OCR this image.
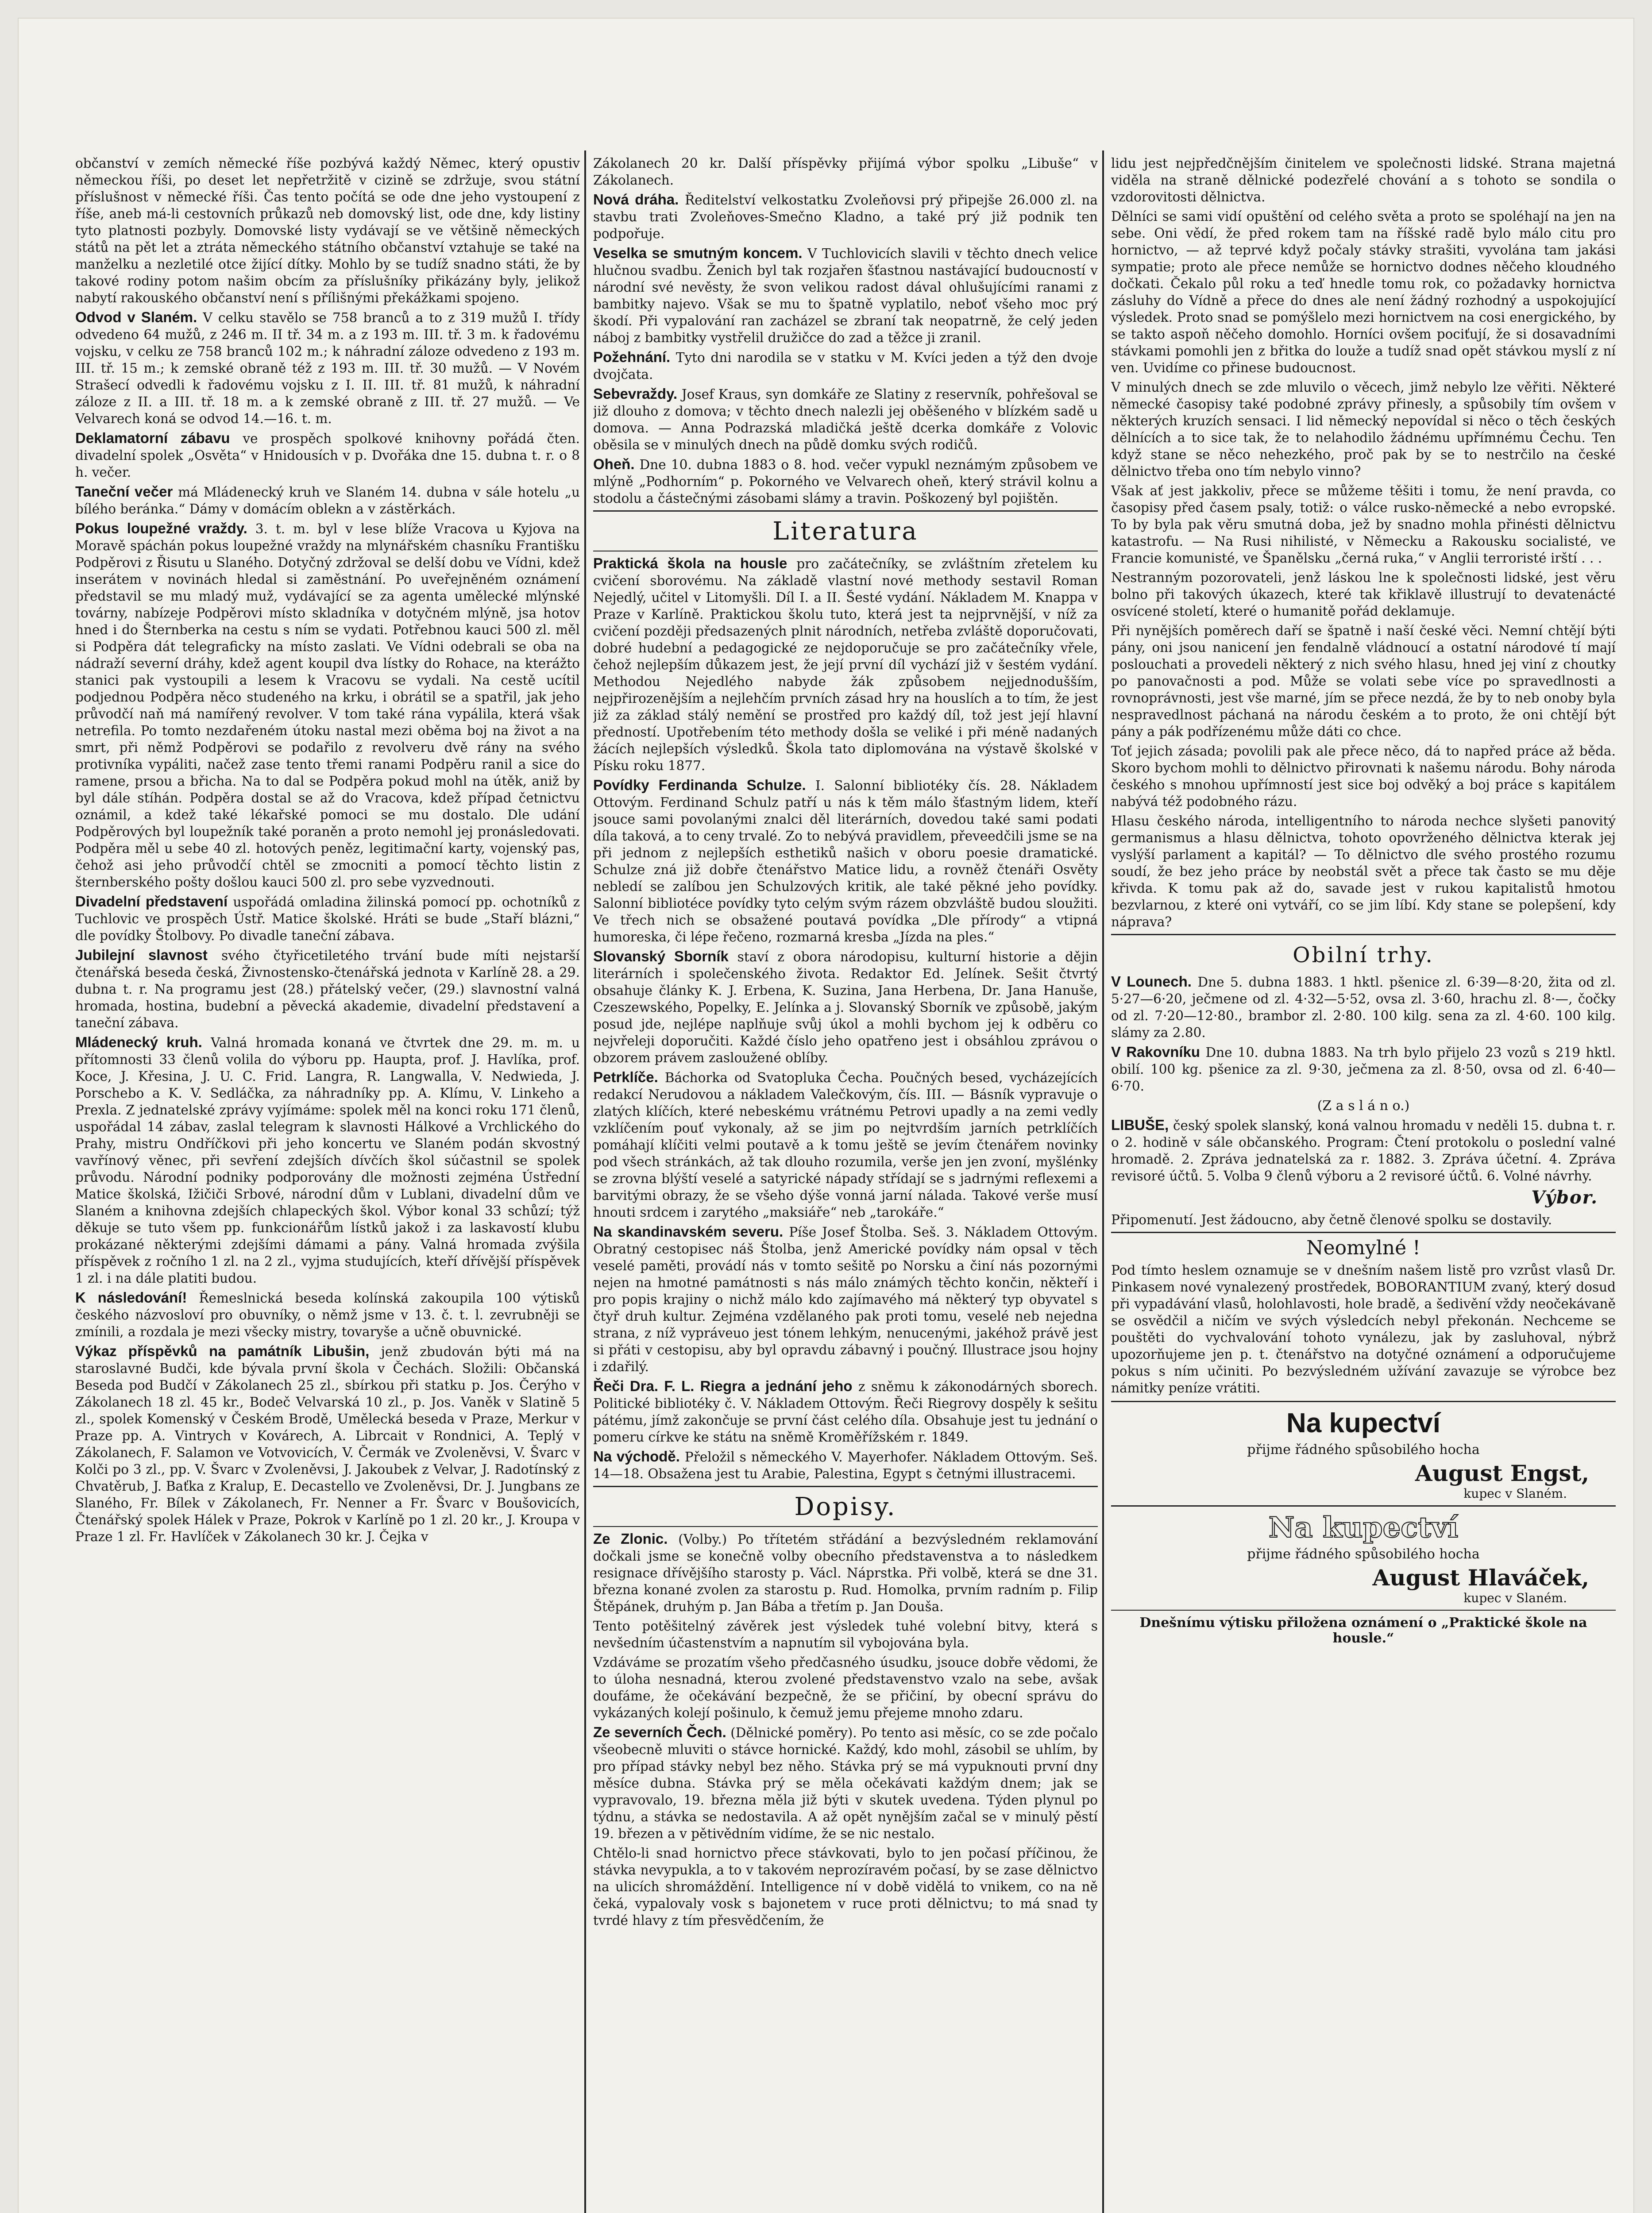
občanství v zemích německé říše pozbývá každý Němec, který opustiv německou říši, po deset let nepřetržitě v cizině se zdržuje, svou státní příslušnost v německé říši. Čas tento počítá se ode dne jeho vystoupení z říše, aneb má-li cestovních průkazů neb domovský list, ode dne, kdy listiny tyto platnosti pozbyly. Domovské listy vydávají se ve většině německých států na pět let a ztráta německého státního občanství vztahuje se také na manželku a nezletilé otce žijící dítky. Mohlo by se tudíž snadno státi, že by takové rodiny potom našim obcím za příslušníky přikázány byly, jelikož nabytí rakouského občanství není s přílišnými překážkami spojeno.

Odvod v Slaném. V celku stavělo se 758 branců a to z 319 mužů I. třídy odvedeno 64 mužů, z 246 m. II tř. 34 m. a z 193 m. III. tř. 3 m. k řadovému vojsku, v celku ze 758 branců 102 m.; k náhradní záloze odvedeno z 193 m. III. tř. 15 m.; k zemské obraně též z 193 m. III. tř. 30 mužů. — V Novém Strašecí odvedli k řadovému vojsku z I. II. III. tř. 81 mužů, k náhradní záloze z II. a III. tř. 18 m. a k zemské obraně z III. tř. 27 mužů. — Ve Velvarech koná se odvod 14.—16. t. m.

Deklamatorní zábavu ve prospěch spolkové knihovny pořádá čten. divadelní spolek „Osvěta“ v Hnidousích v p. Dvořáka dne 15. dubna t. r. o 8 h. večer.

Taneční večer má Mládenecký kruh ve Slaném 14. dubna v sále hotelu „u bílého beránka.“ Dámy v domácím oblekn a v zástěrkách.

Pokus loupežné vraždy. 3. t. m. byl v lese blíže Vracova u Kyjova na Moravě spáchán pokus loupežné vraždy na mlynářském chasníku Františku Podpěrovi z Řisutu u Slaného. Dotyčný zdržoval se delší dobu ve Vídni, kdež inserátem v novinách hledal si zaměstnání. Po uveřejněném oznámení představil se mu mladý muž, vydávající se za agenta umělecké mlýnské továrny, nabízeje Podpěrovi místo skladníka v dotyčném mlýně, jsa hotov hned i do Šternberka na cestu s ním se vydati. Potřebnou kauci 500 zl. měl si Podpěra dát telegraficky na místo zaslati. Ve Vídni odebrali se oba na nádraží severní dráhy, kdež agent koupil dva lístky do Rohace, na kterážto stanici pak vystoupili a lesem k Vracovu se vydali. Na cestě ucítil podjednou Podpěra něco studeného na krku, i obrátil se a spatřil, jak jeho průvodčí naň má namířený revolver. V tom také rána vypálila, která však netrefila. Po tomto nezdařeném útoku nastal mezi oběma boj na život a na smrt, při němž Podpěrovi se podařilo z revolveru dvě rány na svého protivníka vypáliti, načež zase tento třemi ranami Podpěru ranil a sice do ramene, prsou a břicha. Na to dal se Podpěra pokud mohl na útěk, aniž by byl dále stíhán. Podpěra dostal se až do Vracova, kdež případ četnictvu oznámil, a kdež také lékařské pomoci se mu dostalo. Dle udání Podpěrových byl loupežník také poraněn a proto nemohl jej pronásledovati. Podpěra měl u sebe 40 zl. hotových peněz, legitimační karty, vojenský pas, čehož asi jeho průvodčí chtěl se zmocniti a pomocí těchto listin z šternberského pošty došlou kauci 500 zl. pro sebe vyzvednouti.

Divadelní představení uspořádá omladina žilinská pomocí pp. ochotníků z Tuchlovic ve prospěch Ústř. Matice školské. Hráti se bude „Staří blázni,“ dle povídky Štolbovy. Po divadle taneční zábava.

Jubilejní slavnost svého čtyřicetiletého trvání bude míti nejstarší čtenářská beseda česká, Živnostensko-čtenářská jednota v Karlíně 28. a 29. dubna t. r. Na programu jest (28.) přátelský večer, (29.) slavnostní valná hromada, hostina, budební a pěvecká akademie, divadelní představení a taneční zábava.

Mládenecký kruh. Valná hromada konaná ve čtvrtek dne 29. m. m. u přítomnosti 33 členů volila do výboru pp. Haupta, prof. J. Havlíka, prof. Koce, J. Křesina, J. U. C. Frid. Langra, R. Langwalla, V. Nedwieda, J. Porschebo a K. V. Sedláčka, za náhradníky pp. A. Klímu, V. Linkeho a Prexla. Z jednatelské zprávy vyjímáme: spolek měl na konci roku 171 členů, uspořádal 14 zábav, zaslal telegram k slavnosti Hálkové a Vrchlického do Prahy, mistru Ondříčkovi při jeho koncertu ve Slaném podán skvostný vavřínový věnec, při sevření zdejších dívčích škol súčastnil se spolek průvodu. Národní podniky podporovány dle možnosti zejména Ústřední Matice školská, Ižičiči Srbové, národní dům v Lublani, divadelní dům ve Slaném a knihovna zdejších chlapeckých škol. Výbor konal 33 schůzí; týž děkuje se tuto všem pp. funkcionářům lístků jakož i za laskavostí klubu prokázané některými zdejšími dámami a pány. Valná hromada zvýšila příspěvek z ročního 1 zl. na 2 zl., vyjma studujících, kteří dřívější příspěvek 1 zl. i na dále platiti budou.

K následování! Řemeslnická beseda kolínská zakoupila 100 výtisků českého názvosloví pro obuvníky, o němž jsme v 13. č. t. l. zevrubněji se zmínili, a rozdala je mezi všecky mistry, tovaryše a učně obuvnické.

Výkaz příspěvků na památník Libušin, jenž zbudován býti má na staroslavné Budči, kde bývala první škola v Čechách. Složili: Občanská Beseda pod Budčí v Zákolanech 25 zl., sbírkou při statku p. Jos. Čerýho v Zákolanech 18 zl. 45 kr., Bodeč Velvarská 10 zl., p. Jos. Vaněk v Slatině 5 zl., spolek Komenský v Českém Brodě, Umělecká beseda v Praze, Merkur v Praze pp. A. Vintrych v Kovárech, A. Librcait v Rondnici, A. Teplý v Zákolanech, F. Salamon ve Votvovicích, V. Čermák ve Zvoleněvsi, V. Švarc v Kolči po 3 zl., pp. V. Švarc v Zvoleněvsi, J. Jakoubek z Velvar, J. Radotínský z Chvatěrub, J. Baťka z Kralup, E. Decastello ve Zvoleněvsi, Dr. J. Jungbans ze Slaného, Fr. Bílek v Zákolanech, Fr. Nenner a Fr. Švarc v Boušovicích, Čtenářský spolek Hálek v Praze, Pokrok v Karlíně po 1 zl. 20 kr., J. Kroupa v Praze 1 zl. Fr. Havlíček v Zákolanech 30 kr. J. Čejka v

Zákolanech 20 kr. Další příspěvky přijímá výbor spolku „Libuše“ v Zákolanech.

Nová dráha. Ředitelství velkostatku Zvoleňovsi prý připejše 26.000 zl. na stavbu trati Zvoleňoves-Smečno Kladno, a také prý již podnik ten podpořuje.

Veselka se smutným koncem. V Tuchlovicích slavili v těchto dnech velice hlučnou svadbu. Ženich byl tak rozjařen šťastnou nastávající budoucností v národní své nevěsty, že svon velikou radost dával ohlušujícími ranami z bambitky najevo. Však se mu to špatně vyplatilo, neboť všeho moc prý škodí. Při vypalování ran zacházel se zbraní tak neopatrně, že celý jeden náboj z bambitky vystřelil družičce do zad a těžce ji zranil.

Požehnání. Tyto dni narodila se v statku v M. Kvíci jeden a týž den dvoje dvojčata.

Sebevraždy. Josef Kraus, syn domkáře ze Slatiny z reservník, pohřešoval se již dlouho z domova; v těchto dnech nalezli jej oběšeného v blízkém sadě u domova. — Anna Podrazská mladičká ještě dcerka domkáře z Volovic oběsila se v minulých dnech na půdě domku svých rodičů.

Oheň. Dne 10. dubna 1883 o 8. hod. večer vypukl neznámým způsobem ve mlýně „Podhorním“ p. Pokorného ve Velvarech oheň, který strávil kolnu a stodolu a částečnými zásobami slámy a travin. Poškozený byl pojištěn.

Literatura

Praktická škola na housle pro začátečníky, se zvláštním zřetelem ku cvičení sborovému. Na základě vlastní nové methody sestavil Roman Nejedlý, učitel v Litomyšli. Díl I. a II. Šesté vydání. Nákladem M. Knappa v Praze v Karlíně. Praktickou školu tuto, která jest ta nejprvnější, v níž za cvičení později předsazených plnit národních, netřeba zvláště doporučovati, dobré hudební a pedagogické ze nejdoporučuje se pro začátečníky vřele, čehož nejlepším důkazem jest, že její první díl vychází již v šestém vydání. Methodou Nejedlého nabyde žák způsobem nejjednodušším, nejpřirozenějším a nejlehčím prvních zásad hry na houslích a to tím, že jest již za základ stálý nemění se prostřed pro každý díl, tož jest její hlavní předností. Upotřebením této methody došla se veliké i při méně nadaných žácích nejlepších výsledků. Škola tato diplomována na výstavě školské v Písku roku 1877.

Povídky Ferdinanda Schulze. I. Salonní bibliotéky čís. 28. Nákladem Ottovým. Ferdinand Schulz patří u nás k těm málo šťastným lidem, kteří jsouce sami povolanými znalci děl literárních, dovedou také sami podati díla taková, a to ceny trvalé. Zo to nebývá pravidlem, převeedčili jsme se na při jednom z nejlepších esthetiků našich v oboru poesie dramatické. Schulze zná již dobře čtenářstvo Matice lidu, a rovněž čtenáři Osvěty nebledí se zalíbou jen Schulzových kritik, ale také pěkné jeho povídky. Salonní bibliotéce povídky tyto celým svým rázem obzvláště budou sloužiti. Ve třech nich se obsažené poutavá povídka „Dle přírody“ a vtipná humoreska, či lépe řečeno, rozmarná kresba „Jízda na ples.“

Slovanský Sborník staví z obora národopisu, kulturní historie a dějin literárních i společenského života. Redaktor Ed. Jelínek. Sešit čtvrtý obsahuje články K. J. Erbena, K. Suzina, Jana Herbena, Dr. Jana Hanuše, Czeszewského, Popelky, E. Jelínka a j. Slovanský Sborník ve způsobě, jakým posud jde, nejlépe naplňuje svůj úkol a mohli bychom jej k odběru co nejvřeleji doporučiti. Každé číslo jeho opatřeno jest i obsáhlou zprávou o obzorem právem zasloužené oblíby.

Petrklíče. Báchorka od Svatopluka Čecha. Poučných besed, vycházejících redakcí Nerudovou a nákladem Valečkovým, čís. III. — Básník vypravuje o zlatých klíčích, které nebeskému vrátnému Petrovi upadly a na zemi vedly vzklíčením pouť vykonaly, až se jim po nejtvrdším jarních petrklíčích pomáhají klíčiti velmi poutavě a k tomu ještě se jevím čtenářem novinky pod všech stránkách, až tak dlouho rozumila, verše jen jen zvoní, myšlénky se zrovna blýští veselé a satyrické nápady střídají se s jadrnými reflexemi a barvitými obrazy, že se všeho dýše vonná jarní nálada. Takové verše musí hnouti srdcem i zarytého „maksiáře“ neb „tarokáře.“

Na skandinavském severu. Píše Josef Štolba. Seš. 3. Nákladem Ottovým. Obratný cestopisec náš Štolba, jenž Americké povídky nám opsal v těch veselé paměti, provádí nás v tomto sešitě po Norsku a činí nás pozornými nejen na hmotné památnosti s nás málo známých těchto končin, někteří i pro popis krajiny o nichž málo kdo zajímavého má některý typ obyvatel s čtyř druh kultur. Zejména vzdělaného pak proti tomu, veselé neb nejedna strana, z níž vypráveuo jest tónem lehkým, nenucenými, jakéhož právě jest si přáti v cestopisu, aby byl opravdu zábavný i poučný. Illustrace jsou hojny i zdařilý.

Řeči Dra. F. L. Riegra a jednání jeho z sněmu k zákonodárných sborech. Politické bibliotéky č. V. Nákladem Ottovým. Řeči Riegrovy dospěly k sešitu pátému, jímž zakončuje se první část celého díla. Obsahuje jest tu jednání o pomeru církve ke státu na sněmě Kroměřížském r. 1849.

Na východě. Přeložil s německého V. Mayerhofer. Nákladem Ottovým. Seš. 14—18. Obsažena jest tu Arabie, Palestina, Egypt s četnými illustracemi.

Dopisy.

Ze Zlonic. (Volby.) Po třítetém střádání a bezvýsledném reklamování dočkali jsme se konečně volby obecního představenstva a to následkem resignace dřívějšího starosty p. Václ. Náprstka. Při volbě, která se dne 31. března konané zvolen za starostu p. Rud. Homolka, prvním radním p. Filip Štěpánek, druhým p. Jan Bába a třetím p. Jan Douša.

Tento potěšitelný závěrek jest výsledek tuhé volební bitvy, která s nevšedním účastenstvím a napnutím sil vybojována byla.

Vzdáváme se prozatím všeho předčasného úsudku, jsouce dobře vědomi, že to úloha nesnadná, kterou zvolené představenstvo vzalo na sebe, avšak doufáme, že očekávání bezpečně, že se přičiní, by obecní správu do vykázaných kolejí pošinulo, k čemuž jemu přejeme mnoho zdaru.

Ze severních Čech. (Dělnické poměry). Po tento asi měsíc, co se zde počalo všeobecně mluviti o stávce hornické. Každý, kdo mohl, zásobil se uhlím, by pro případ stávky nebyl bez něho. Stávka prý se má vypuknouti první dny měsíce dubna. Stávka prý se měla očekávati každým dnem; jak se vypravovalo, 19. března měla již býti v skutek uvedena. Týden plynul po týdnu, a stávka se nedostavila. A až opět nynějším začal se v minulý pěstí 19. březen a v pětivědním vidíme, že se nic nestalo.

Chtělo-li snad hornictvo přece stávkovati, bylo to jen počasí příčinou, že stávka nevypukla, a to v takovém neprozíravém počasí, by se zase dělnictvo na ulicích shromáždění. Intelligence ní v době vidělá to vnikem, co na ně čeká, vypalovaly vosk s bajonetem v ruce proti dělnictvu; to má snad ty tvrdé hlavy z tím přesvědčením, že

lidu jest nejpředčnějším činitelem ve společnosti lidské. Strana majetná viděla na straně dělnické podezřelé chování a s tohoto se sondila o vzdorovitosti dělnictva.

Dělníci se sami vidí opuštění od celého světa a proto se spoléhají na jen na sebe. Oni vědí, že před rokem tam na říšské radě bylo málo citu pro hornictvo, — až teprvé když počaly stávky strašiti, vyvolána tam jakási sympatie; proto ale přece nemůže se hornictvo dodnes něčeho kloudného dočkati. Čekalo půl roku a teď hnedle tomu rok, co požadavky hornictva zásluhy do Vídně a přece do dnes ale není žádný rozhodný a uspokojující výsledek. Proto snad se pomýšlelo mezi hornictvem na cosi energického, by se takto aspoň něčeho domohlo. Horníci ovšem pociťují, že si dosavadními stávkami pomohli jen z břitka do louže a tudíž snad opět stávkou myslí z ní ven. Uvidíme co přinese budoucnost.

V minulých dnech se zde mluvilo o věcech, jimž nebylo lze věřiti. Některé německé časopisy také podobné zprávy přinesly, a spůsobily tím ovšem v některých kruzích sensaci. I lid německý nepovídal si něco o těch českých dělnících a to sice tak, že to nelahodilo žádnému upřímnému Čechu. Ten když stane se něco nehezkého, proč pak by se to nestrčilo na české dělnictvo třeba ono tím nebylo vinno?

Však ať jest jakkoliv, přece se můžeme těšiti i tomu, že není pravda, co časopisy před časem psaly, totiž: o válce rusko-německé a nebo evropské. To by byla pak věru smutná doba, jež by snadno mohla přinésti dělnictvu katastrofu. — Na Rusi nihilisté, v Německu a Rakousku socialisté, ve Francie komunisté, ve Španělsku „černá ruka,“ v Anglii terroristé irští . . .

Nestranným pozorovateli, jenž láskou lne k společnosti lidské, jest věru bolno při takových úkazech, které tak křiklavě illustrují to devatenácté osvícené století, které o humanitě pořád deklamuje.

Při nynějších poměrech daří se špatně i naší české věci. Nemní chtějí býti pány, oni jsou nanicení jen fendalně vládnoucí a ostatní národové tí mají poslouchati a provedeli některý z nich svého hlasu, hned jej viní z choutky po panovačnosti a pod. Může se volati sebe více po spravedlnosti a rovnoprávnosti, jest vše marné, jím se přece nezdá, že by to neb onoby byla nespravedlnost páchaná na národu českém a to proto, že oni chtějí být pány a pák podřízenému může dáti co chce.

Toť jejich zásada; povolili pak ale přece něco, dá to napřed práce až běda. Skoro bychom mohli to dělnictvo přirovnati k našemu národu. Bohy národa českého s mnohou upřímností jest sice boj odvěký a boj práce s kapitálem nabývá též podobného rázu.

Hlasu českého národa, intelligentního to národa nechce slyšeti panovitý germanismus a hlasu dělnictva, tohoto opovrženého dělnictva kterak jej vyslýší parlament a kapitál? — To dělnictvo dle svého prostého rozumu soudí, že bez jeho práce by neobstál svět a přece tak často se mu děje křivda. K tomu pak až do, savade jest v rukou kapitalistů hmotou bezvlarnou, z které oni vytváří, co se jim líbí. Kdy stane se polepšení, kdy náprava?

Obilní trhy.

V Lounech. Dne 5. dubna 1883. 1 hktl. pšenice zl. 6·39—8·20, žita od zl. 5·27—6·20, ječmene od zl. 4·32—5·52, ovsa zl. 3·60, hrachu zl. 8·—, čočky od zl. 7·20—12·80., brambor zl. 2·80. 100 kilg. sena za zl. 4·60. 100 kilg. slámy za 2.80.

V Rakovníku Dne 10. dubna 1883. Na trh bylo přijelo 23 vozů s 219 hktl. obilí. 100 kg. pšenice za zl. 9·30, ječmena za zl. 8·50, ovsa od zl. 6·40—6·70.

(Z a s l á n o.)

LIBUŠE, český spolek slanský, koná valnou hromadu v neděli 15. dubna t. r. o 2. hodině v sále občanského. Program: Čtení protokolu o poslední valné hromadě. 2. Zpráva jednatelská za r. 1882. 3. Zpráva účetní. 4. Zpráva revisoré účtů. 5. Volba 9 členů výboru a 2 revisoré účtů. 6. Volné návrhy.

Výbor.

Připomenutí. Jest žádoucno, aby četně členové spolku se dostavily.

Neomylné !

Pod tímto heslem oznamuje se v dnešním našem listě pro vzrůst vlasů Dr. Pinkasem nové vynalezený prostředek, BOBORANTIUM zvaný, který dosud při vypadávání vlasů, holohlavosti, hole bradě, a šedivění vždy neočekávaně se osvědčil a ničím ve svých výsledcích nebyl překonán. Nechceme se pouštěti do vychvalování tohoto vynálezu, jak by zasluhoval, nýbrž upozorňujeme jen p. t. čtenářstvo na dotyčné oznámení a odporučujeme pokus s ním učiniti. Po bezvýsledném užívání zavazuje se výrobce bez námitky peníze vrátiti.

Na kupectví
přijme řádného spůsobilého hocha
August Engst,
kupec v Slaném.
Na kupectví
přijme řádného spůsobilého hocha
August Hlaváček,
kupec v Slaném.
Dnešnímu výtisku přiložena oznámení o „Praktické škole na housle.“
